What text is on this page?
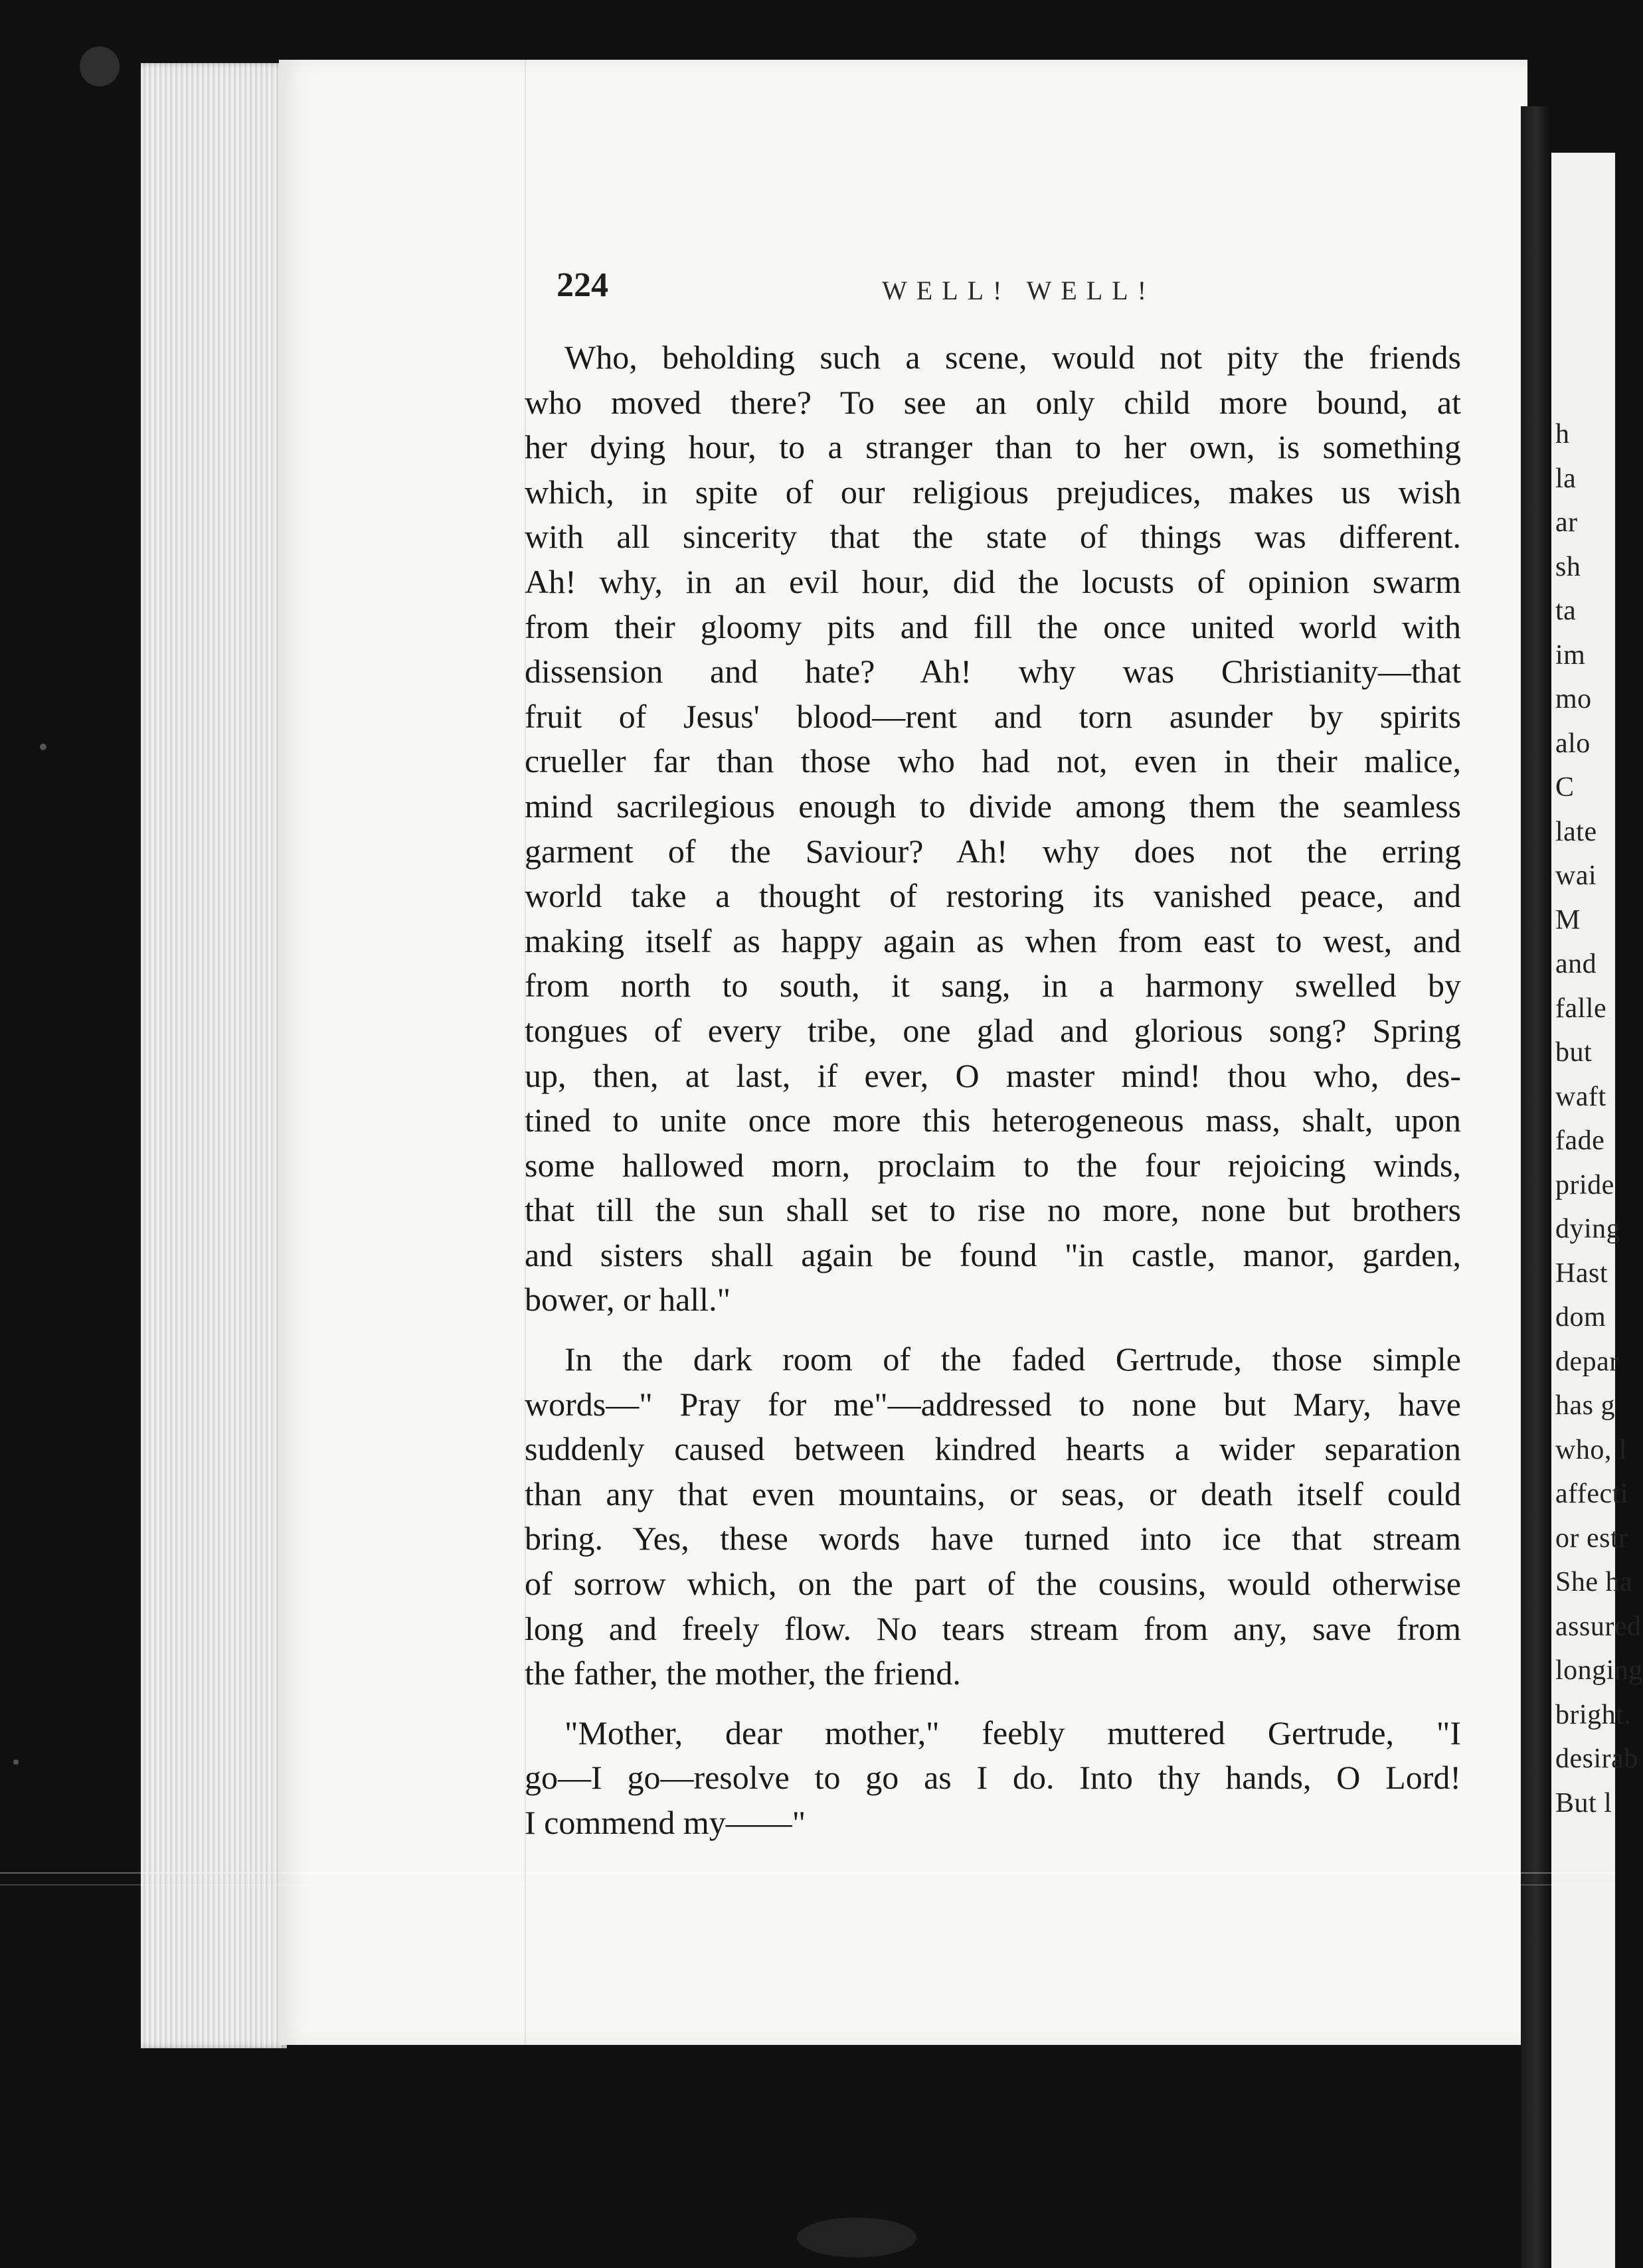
h
la
ar
sh
ta
im
mo
alo
C
late
wai
M
and
falle
but
waft
fade
pride
dying
Hast
dom
depar
has g
who, l
affecti
or estr
She ha
assured
longing
bright.
desirab
But l
224	WELL! WELL!
Who, beholding such a scene, would not pity the friends
who moved there? To see an only child more bound, at
her dying hour, to a stranger than to her own, is something
which, in spite of our religious prejudices, makes us wish
with all sincerity that the state of things was different.
Ah! why, in an evil hour, did the locusts of opinion swarm
from their gloomy pits and fill the once united world with
dissension and hate? Ah! why was Christianity—that
fruit of Jesus' blood—rent and torn asunder by spirits
crueller far than those who had not, even in their malice,
mind sacrilegious enough to divide among them the seamless
garment of the Saviour? Ah! why does not the erring
world take a thought of restoring its vanished peace, and
making itself as happy again as when from east to west, and
from north to south, it sang, in a harmony swelled by
tongues of every tribe, one glad and glorious song? Spring
up, then, at last, if ever, O master mind! thou who, des-
tined to unite once more this heterogeneous mass, shalt, upon
some hallowed morn, proclaim to the four rejoicing winds,
that till the sun shall set to rise no more, none but brothers
and sisters shall again be found "in castle, manor, garden,
bower, or hall."
In the dark room of the faded Gertrude, those simple
words—" Pray for me"—addressed to none but Mary, have
suddenly caused between kindred hearts a wider separation
than any that even mountains, or seas, or death itself could
bring. Yes, these words have turned into ice that stream
of sorrow which, on the part of the cousins, would otherwise
long and freely flow. No tears stream from any, save from
the father, the mother, the friend.
"Mother, dear mother," feebly muttered Gertrude, "I
go—I go—resolve to go as I do. Into thy hands, O Lord!
I commend my——"
